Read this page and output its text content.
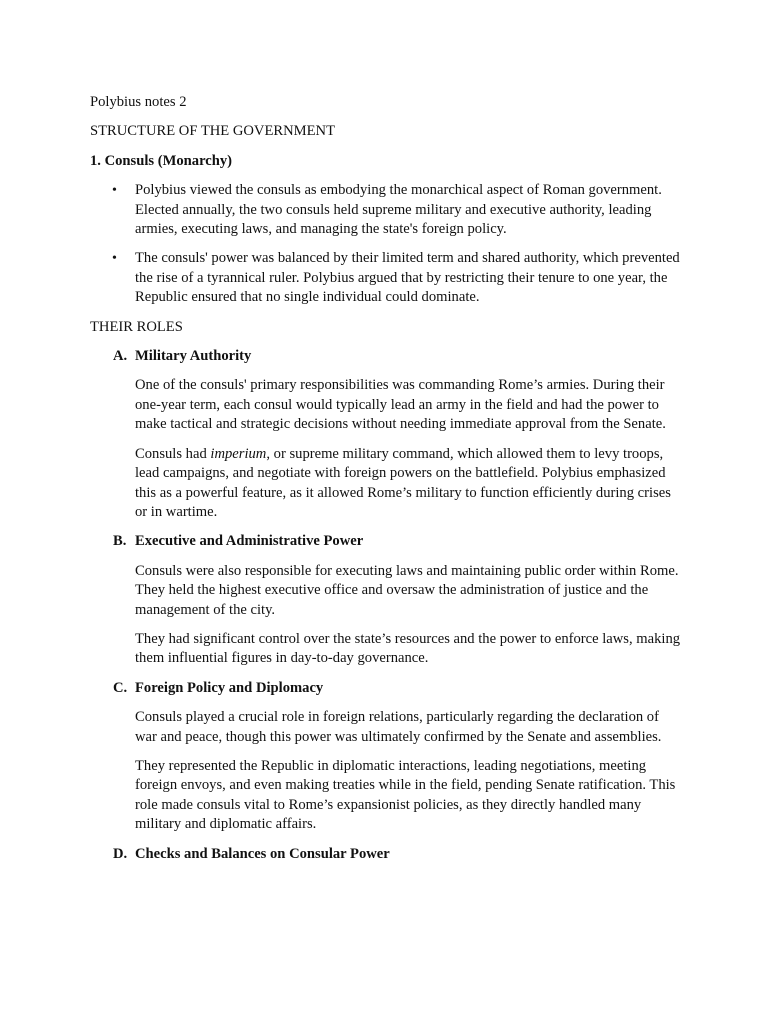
Polybius notes 2

STRUCTURE OF THE GOVERNMENT

1. Consuls (Monarchy)

• Polybius viewed the consuls as embodying the monarchical aspect of Roman government. Elected annually, the two consuls held supreme military and executive authority, leading armies, executing laws, and managing the state's foreign policy.
• The consuls' power was balanced by their limited term and shared authority, which prevented the rise of a tyrannical ruler. Polybius argued that by restricting their tenure to one year, the Republic ensured that no single individual could dominate.

THEIR ROLES

A. Military Authority

One of the consuls' primary responsibilities was commanding Rome’s armies. During their one-year term, each consul would typically lead an army in the field and had the power to make tactical and strategic decisions without needing immediate approval from the Senate.

Consuls had imperium, or supreme military command, which allowed them to levy troops, lead campaigns, and negotiate with foreign powers on the battlefield. Polybius emphasized this as a powerful feature, as it allowed Rome’s military to function efficiently during crises or in wartime.

B. Executive and Administrative Power

Consuls were also responsible for executing laws and maintaining public order within Rome. They held the highest executive office and oversaw the administration of justice and the management of the city.

They had significant control over the state’s resources and the power to enforce laws, making them influential figures in day-to-day governance.

C. Foreign Policy and Diplomacy

Consuls played a crucial role in foreign relations, particularly regarding the declaration of war and peace, though this power was ultimately confirmed by the Senate and assemblies.

They represented the Republic in diplomatic interactions, leading negotiations, meeting foreign envoys, and even making treaties while in the field, pending Senate ratification. This role made consuls vital to Rome’s expansionist policies, as they directly handled many military and diplomatic affairs.

D. Checks and Balances on Consular Power
